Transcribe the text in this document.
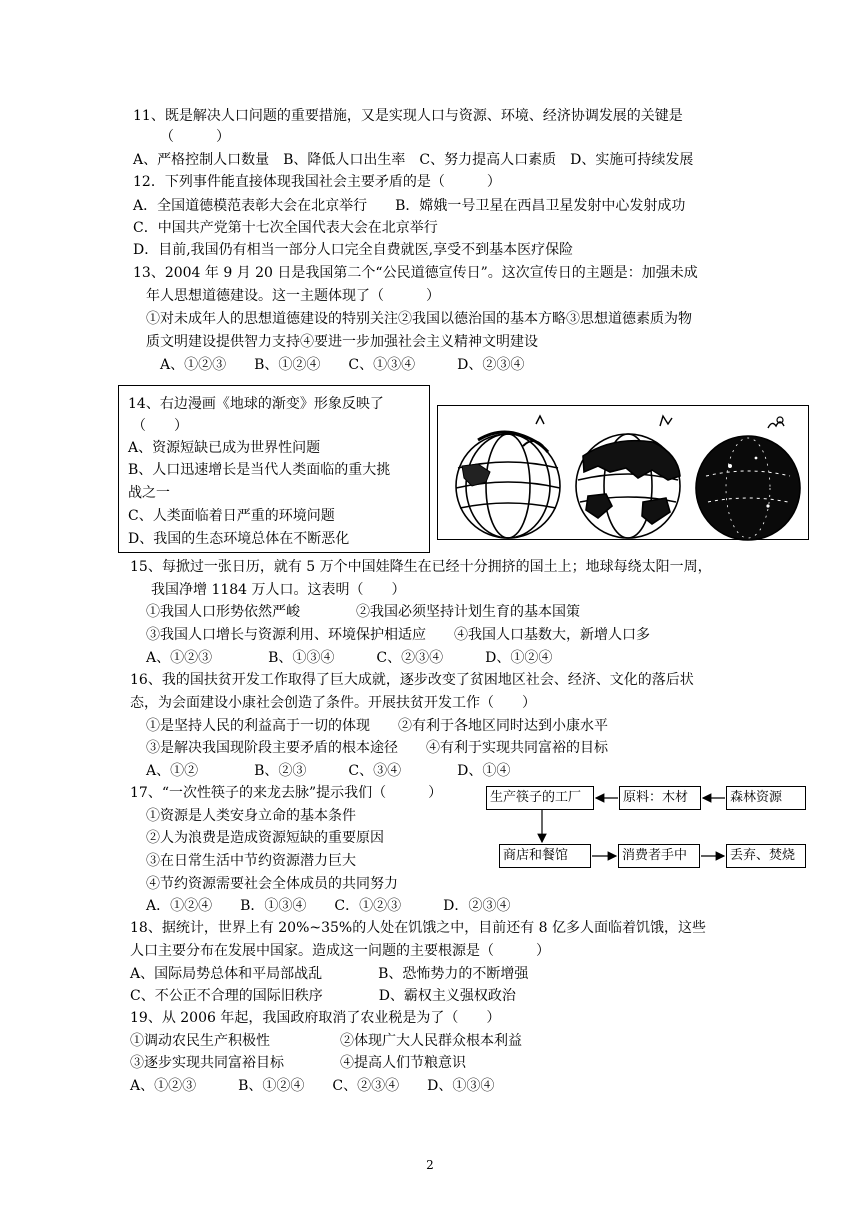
11、既是解决人口问题的重要措施，又是实现人口与资源、环境、经济协调发展的关键是
（　　　）
A、严格控制人口数量　B、降低人口出生率　C、努力提高人口素质　D、实施可持续发展
12．下列事件能直接体现我国社会主要矛盾的是（　　　）
A．全国道德模范表彰大会在北京举行　　B．嫦娥一号卫星在西昌卫星发射中心发射成功
C．中国共产党第十七次全国代表大会在北京举行
D．目前,我国仍有相当一部分人口完全自费就医,享受不到基本医疗保险
13、2004 年 9 月 20 日是我国第二个“公民道德宣传日”。这次宣传日的主题是：加强未成
年人思想道德建设。这一主题体现了（　　　）
①对未成年人的思想道德建设的特别关注②我国以德治国的基本方略③思想道德素质为物
质文明建设提供智力支持④要进一步加强社会主义精神文明建设
A、①②③　　B、①②④　　C、①③④　　　D、②③④
14、右边漫画《地球的渐变》形象反映了
（　　）
A、资源短缺已成为世界性问题
B、人口迅速增长是当代人类面临的重大挑
战之一
C、人类面临着日严重的环境问题
D、我国的生态环境总体在不断恶化
15、每掀过一张日历，就有 5 万个中国娃降生在已经十分拥挤的国土上；地球每绕太阳一周，
我国净增 1184 万人口。这表明（　　）
①我国人口形势依然严峻　　　　②我国必须坚持计划生育的基本国策
③我国人口增长与资源利用、环境保护相适应　　④我国人口基数大，新增人口多
A、①②③　　　　B、①③④　　　C、②③④　　　D、①②④
16、我的国扶贫开发工作取得了巨大成就，逐步改变了贫困地区社会、经济、文化的落后状
态，为会面建设小康社会创造了条件。开展扶贫开发工作（　　）
①是坚持人民的利益高于一切的体现　　②有利于各地区同时达到小康水平
③是解决我国现阶段主要矛盾的根本途径　　④有利于实现共同富裕的目标
A、①②　　　　B、②③　　　C、③④　　　　D、①④
17、“一次性筷子的来龙去脉”提示我们（　　　）
①资源是人类安身立命的基本条件
②人为浪费是造成资源短缺的重要原因
③在日常生活中节约资源潜力巨大
④节约资源需要社会全体成员的共同努力
A．①②④　　B．①③④　　C．①②③　　　D．②③④
生产筷子的工厂	原料：木材	森林资源
商店和餐馆	消费者手中	丢弃、焚烧
18、据统计，世界上有 20%~35%的人处在饥饿之中，目前还有 8 亿多人面临着饥饿，这些
人口主要分布在发展中国家。造成这一问题的主要根源是（　　　）
A、国际局势总体和平局部战乱　　　　B、恐怖势力的不断增强
C、不公正不合理的国际旧秩序　　　　D、霸权主义强权政治
19、从 2006 年起，我国政府取消了农业税是为了（　　）
①调动农民生产积极性　　　　　②体现广大人民群众根本利益
③逐步实现共同富裕目标　　　　④提高人们节粮意识
A、①②③　　　B、①②④　　C、②③④　　D、①③④
2
